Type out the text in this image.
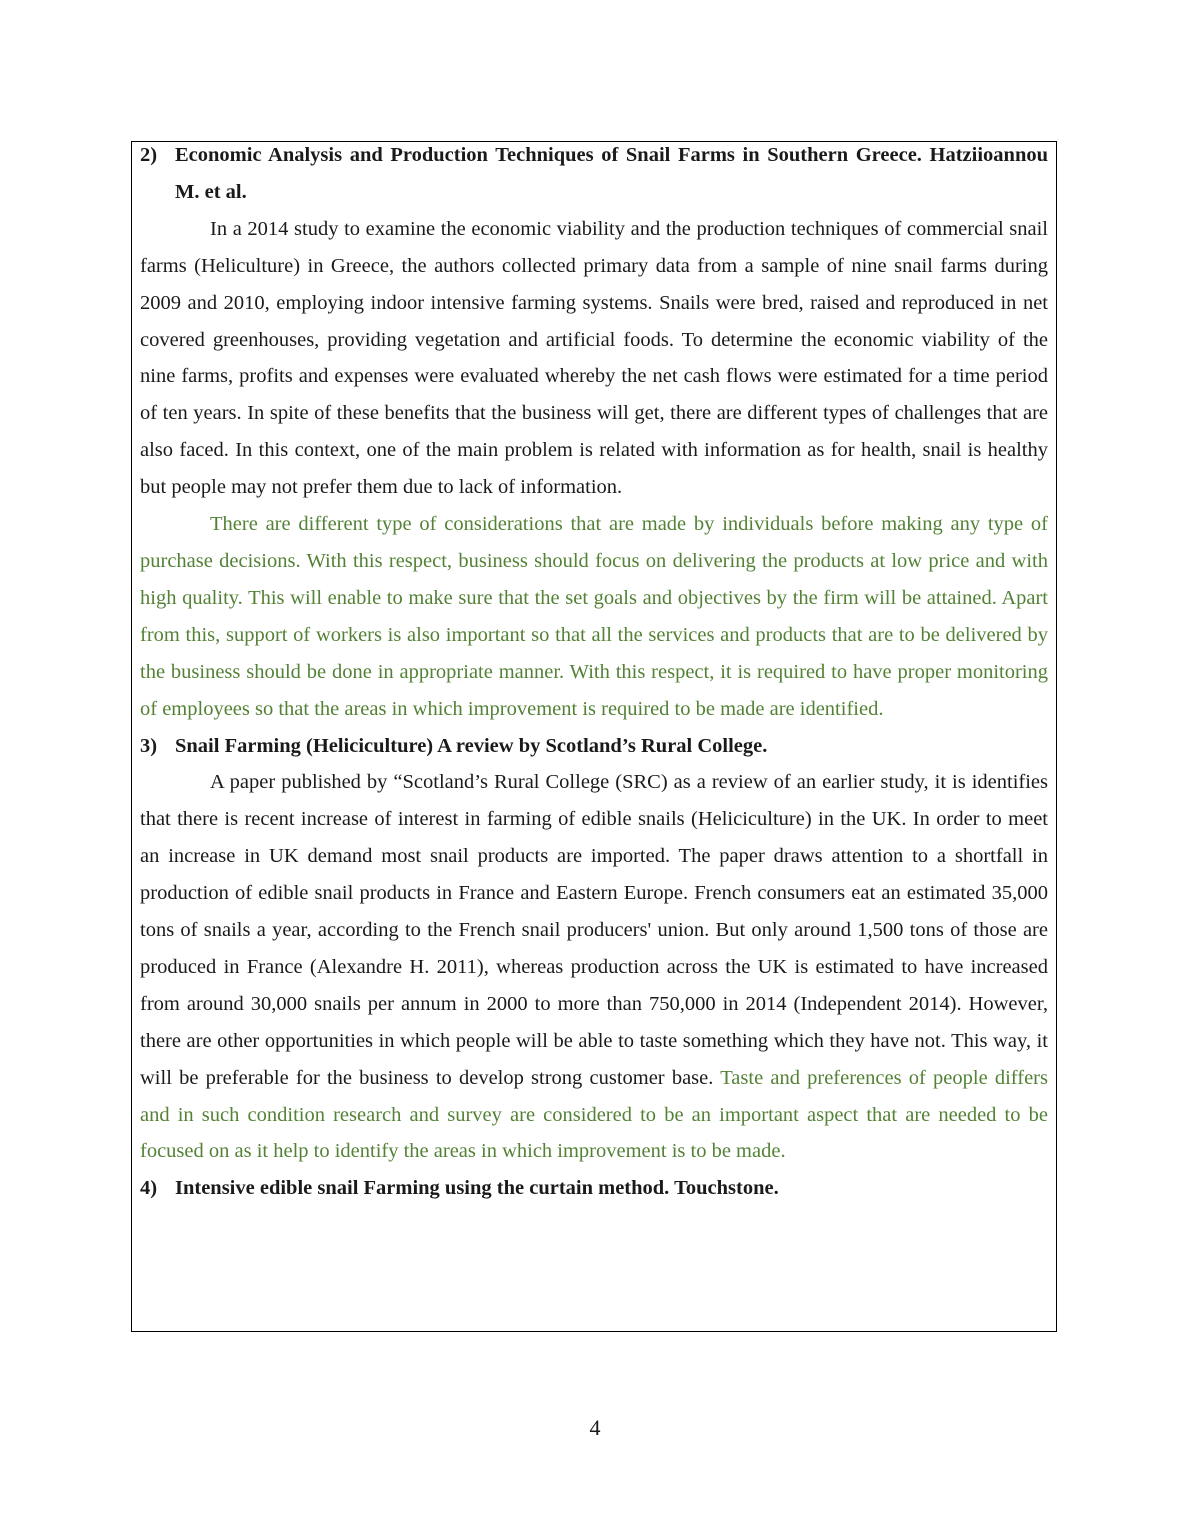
2) Economic Analysis and Production Techniques of Snail Farms in Southern Greece. Hatziioannou M. et al.

In a 2014 study to examine the economic viability and the production techniques of commercial snail farms (Heliculture) in Greece, the authors collected primary data from a sample of nine snail farms during 2009 and 2010, employing indoor intensive farming systems. Snails were bred, raised and reproduced in net covered greenhouses, providing vegetation and artificial foods. To determine the economic viability of the nine farms, profits and expenses were evaluated whereby the net cash flows were estimated for a time period of ten years. In spite of these benefits that the business will get, there are different types of challenges that are also faced. In this context, one of the main problem is related with information as for health, snail is healthy but people may not prefer them due to lack of information.

There are different type of considerations that are made by individuals before making any type of purchase decisions. With this respect, business should focus on delivering the products at low price and with high quality. This will enable to make sure that the set goals and objectives by the firm will be attained. Apart from this, support of workers is also important so that all the services and products that are to be delivered by the business should be done in appropriate manner. With this respect, it is required to have proper monitoring of employees so that the areas in which improvement is required to be made are identified.

3) Snail Farming (Heliciculture) A review by Scotland’s Rural College.

A paper published by “Scotland’s Rural College (SRC) as a review of an earlier study, it is identifies that there is recent increase of interest in farming of edible snails (Heliciculture) in the UK. In order to meet an increase in UK demand most snail products are imported. The paper draws attention to a shortfall in production of edible snail products in France and Eastern Europe. French consumers eat an estimated 35,000 tons of snails a year, according to the French snail producers' union. But only around 1,500 tons of those are produced in France (Alexandre H. 2011), whereas production across the UK is estimated to have increased from around 30,000 snails per annum in 2000 to more than 750,000 in 2014 (Independent 2014). However, there are other opportunities in which people will be able to taste something which they have not. This way, it will be preferable for the business to develop strong customer base. Taste and preferences of people differs and in such condition research and survey are considered to be an important aspect that are needed to be focused on as it help to identify the areas in which improvement is to be made.

4) Intensive edible snail Farming using the curtain method. Touchstone.
4
